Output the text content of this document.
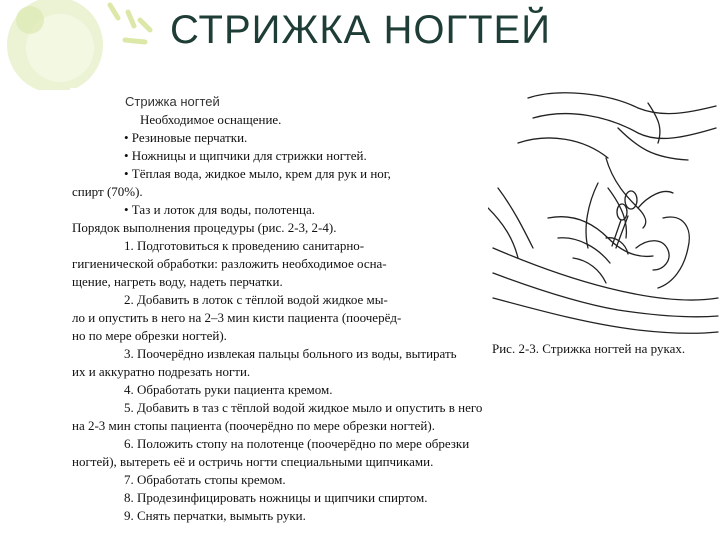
СТРИЖКА НОГТЕЙ
Стрижка ногтей
Необходимое оснащение.
• Резиновые перчатки.
• Ножницы и щипчики для стрижки ногтей.
• Тёплая вода, жидкое мыло, крем для рук и ног,
спирт (70%).
• Таз и лоток для воды, полотенца.
Порядок выполнения процедуры (рис. 2-3, 2-4).
1. Подготовиться к проведению санитарно-
гигиенической обработки: разложить необходимое осна-
щение, нагреть воду, надеть перчатки.
2. Добавить в лоток с тёплой водой жидкое мы-
ло и опустить в него на 2–3 мин кисти пациента (поочерёд-
но по мере обрезки ногтей).
3. Поочерёдно извлекая пальцы больного из воды, вытирать
их и аккуратно подрезать ногти.
4. Обработать руки пациента кремом.
5. Добавить в таз с тёплой водой жидкое мыло и опустить в него
на 2-3 мин стопы пациента (поочерёдно по мере обрезки ногтей).
6. Положить стопу на полотенце (поочерёдно по мере обрезки
ногтей), вытереть её и остричь ногти специальными щипчиками.
7. Обработать стопы кремом.
8. Продезинфицировать ножницы и щипчики спиртом.
9. Снять перчатки, вымыть руки.
Рис. 2-3. Стрижка ногтей на руках.
